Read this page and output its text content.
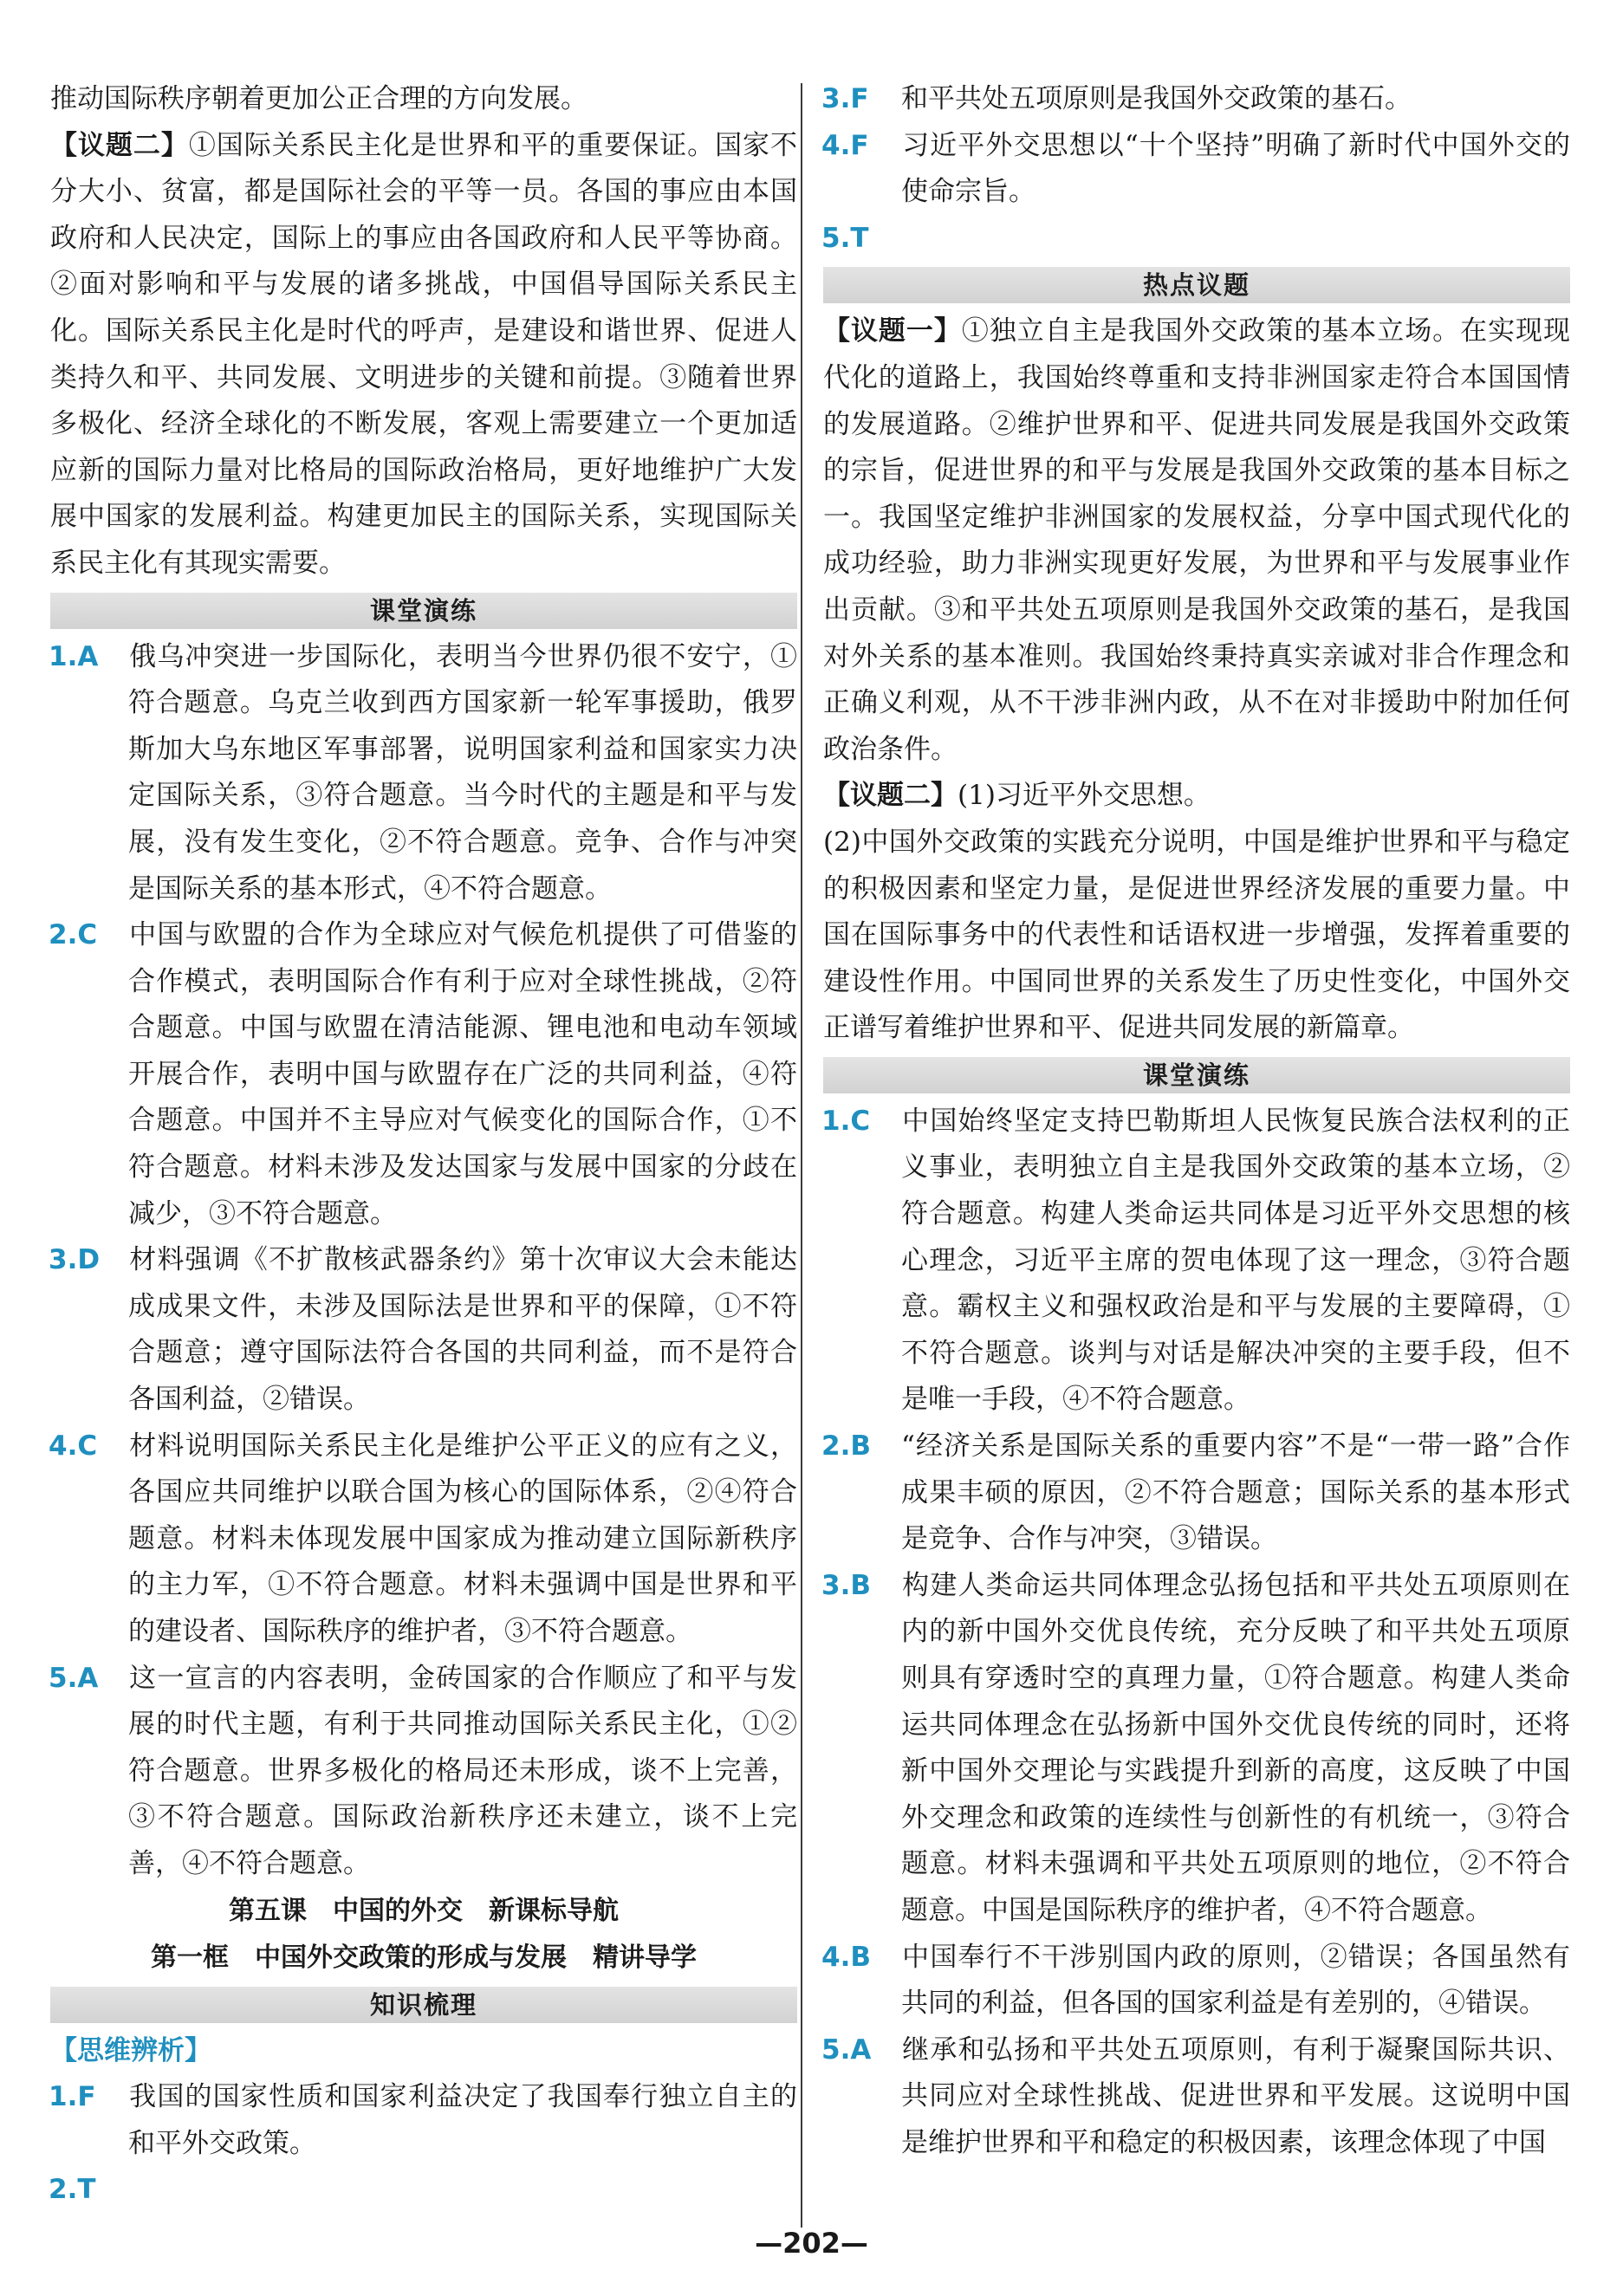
推动国际秩序朝着更加公正合理的方向发展。

【议题二】①国际关系民主化是世界和平的重要保证。国家不分大小、贫富，都是国际社会的平等一员。各国的事应由本国政府和人民决定，国际上的事应由各国政府和人民平等协商。②面对影响和平与发展的诸多挑战，中国倡导国际关系民主化。国际关系民主化是时代的呼声，是建设和谐世界、促进人类持久和平、共同发展、文明进步的关键和前提。③随着世界多极化、经济全球化的不断发展，客观上需要建立一个更加适应新的国际力量对比格局的国际政治格局，更好地维护广大发展中国家的发展利益。构建更加民主的国际关系，实现国际关系民主化有其现实需要。

课堂演练
1.A	俄乌冲突进一步国际化，表明当今世界仍很不安宁，①符合题意。乌克兰收到西方国家新一轮军事援助，俄罗斯加大乌东地区军事部署，说明国家利益和国家实力决定国际关系，③符合题意。当今时代的主题是和平与发展，没有发生变化，②不符合题意。竞争、合作与冲突是国际关系的基本形式，④不符合题意。

2.C	中国与欧盟的合作为全球应对气候危机提供了可借鉴的合作模式，表明国际合作有利于应对全球性挑战，②符合题意。中国与欧盟在清洁能源、锂电池和电动车领域开展合作，表明中国与欧盟存在广泛的共同利益，④符合题意。中国并不主导应对气候变化的国际合作，①不符合题意。材料未涉及发达国家与发展中国家的分歧在减少，③不符合题意。

3.D	材料强调《不扩散核武器条约》第十次审议大会未能达成成果文件，未涉及国际法是世界和平的保障，①不符合题意；遵守国际法符合各国的共同利益，而不是符合各国利益，②错误。

4.C	材料说明国际关系民主化是维护公平正义的应有之义，各国应共同维护以联合国为核心的国际体系，②④符合题意。材料未体现发展中国家成为推动建立国际新秩序的主力军，①不符合题意。材料未强调中国是世界和平的建设者、国际秩序的维护者，③不符合题意。

5.A	这一宣言的内容表明，金砖国家的合作顺应了和平与发展的时代主题，有利于共同推动国际关系民主化，①②符合题意。世界多极化的格局还未形成，谈不上完善，③不符合题意。国际政治新秩序还未建立，谈不上完善，④不符合题意。

第五课　中国的外交　新课标导航
第一框　中国外交政策的形成与发展　精讲导学
知识梳理
【思维辨析】
1.F	我国的国家性质和国家利益决定了我国奉行独立自主的和平外交政策。

2.T

3.F	和平共处五项原则是我国外交政策的基石。

4.F	习近平外交思想以“十个坚持”明确了新时代中国外交的使命宗旨。

5.T

热点议题

【议题一】①独立自主是我国外交政策的基本立场。在实现现代化的道路上，我国始终尊重和支持非洲国家走符合本国国情的发展道路。②维护世界和平、促进共同发展是我国外交政策的宗旨，促进世界的和平与发展是我国外交政策的基本目标之一。我国坚定维护非洲国家的发展权益，分享中国式现代化的成功经验，助力非洲实现更好发展，为世界和平与发展事业作出贡献。③和平共处五项原则是我国外交政策的基石，是我国对外关系的基本准则。我国始终秉持真实亲诚对非合作理念和正确义利观，从不干涉非洲内政，从不在对非援助中附加任何政治条件。

【议题二】(1)习近平外交思想。

(2)中国外交政策的实践充分说明，中国是维护世界和平与稳定的积极因素和坚定力量，是促进世界经济发展的重要力量。中国在国际事务中的代表性和话语权进一步增强，发挥着重要的建设性作用。中国同世界的关系发生了历史性变化，中国外交正谱写着维护世界和平、促进共同发展的新篇章。

课堂演练
1.C	中国始终坚定支持巴勒斯坦人民恢复民族合法权利的正义事业，表明独立自主是我国外交政策的基本立场，②符合题意。构建人类命运共同体是习近平外交思想的核心理念，习近平主席的贺电体现了这一理念，③符合题意。霸权主义和强权政治是和平与发展的主要障碍，①不符合题意。谈判与对话是解决冲突的主要手段，但不是唯一手段，④不符合题意。

2.B	“经济关系是国际关系的重要内容”不是“一带一路”合作成果丰硕的原因，②不符合题意；国际关系的基本形式是竞争、合作与冲突，③错误。

3.B	构建人类命运共同体理念弘扬包括和平共处五项原则在内的新中国外交优良传统，充分反映了和平共处五项原则具有穿透时空的真理力量，①符合题意。构建人类命运共同体理念在弘扬新中国外交优良传统的同时，还将新中国外交理论与实践提升到新的高度，这反映了中国外交理念和政策的连续性与创新性的有机统一，③符合题意。材料未强调和平共处五项原则的地位，②不符合题意。中国是国际秩序的维护者，④不符合题意。

4.B	中国奉行不干涉别国内政的原则，②错误；各国虽然有共同的利益，但各国的国家利益是有差别的，④错误。

5.A	继承和弘扬和平共处五项原则，有利于凝聚国际共识、共同应对全球性挑战、促进世界和平发展。这说明中国是维护世界和平和稳定的积极因素，该理念体现了中国

—202—
